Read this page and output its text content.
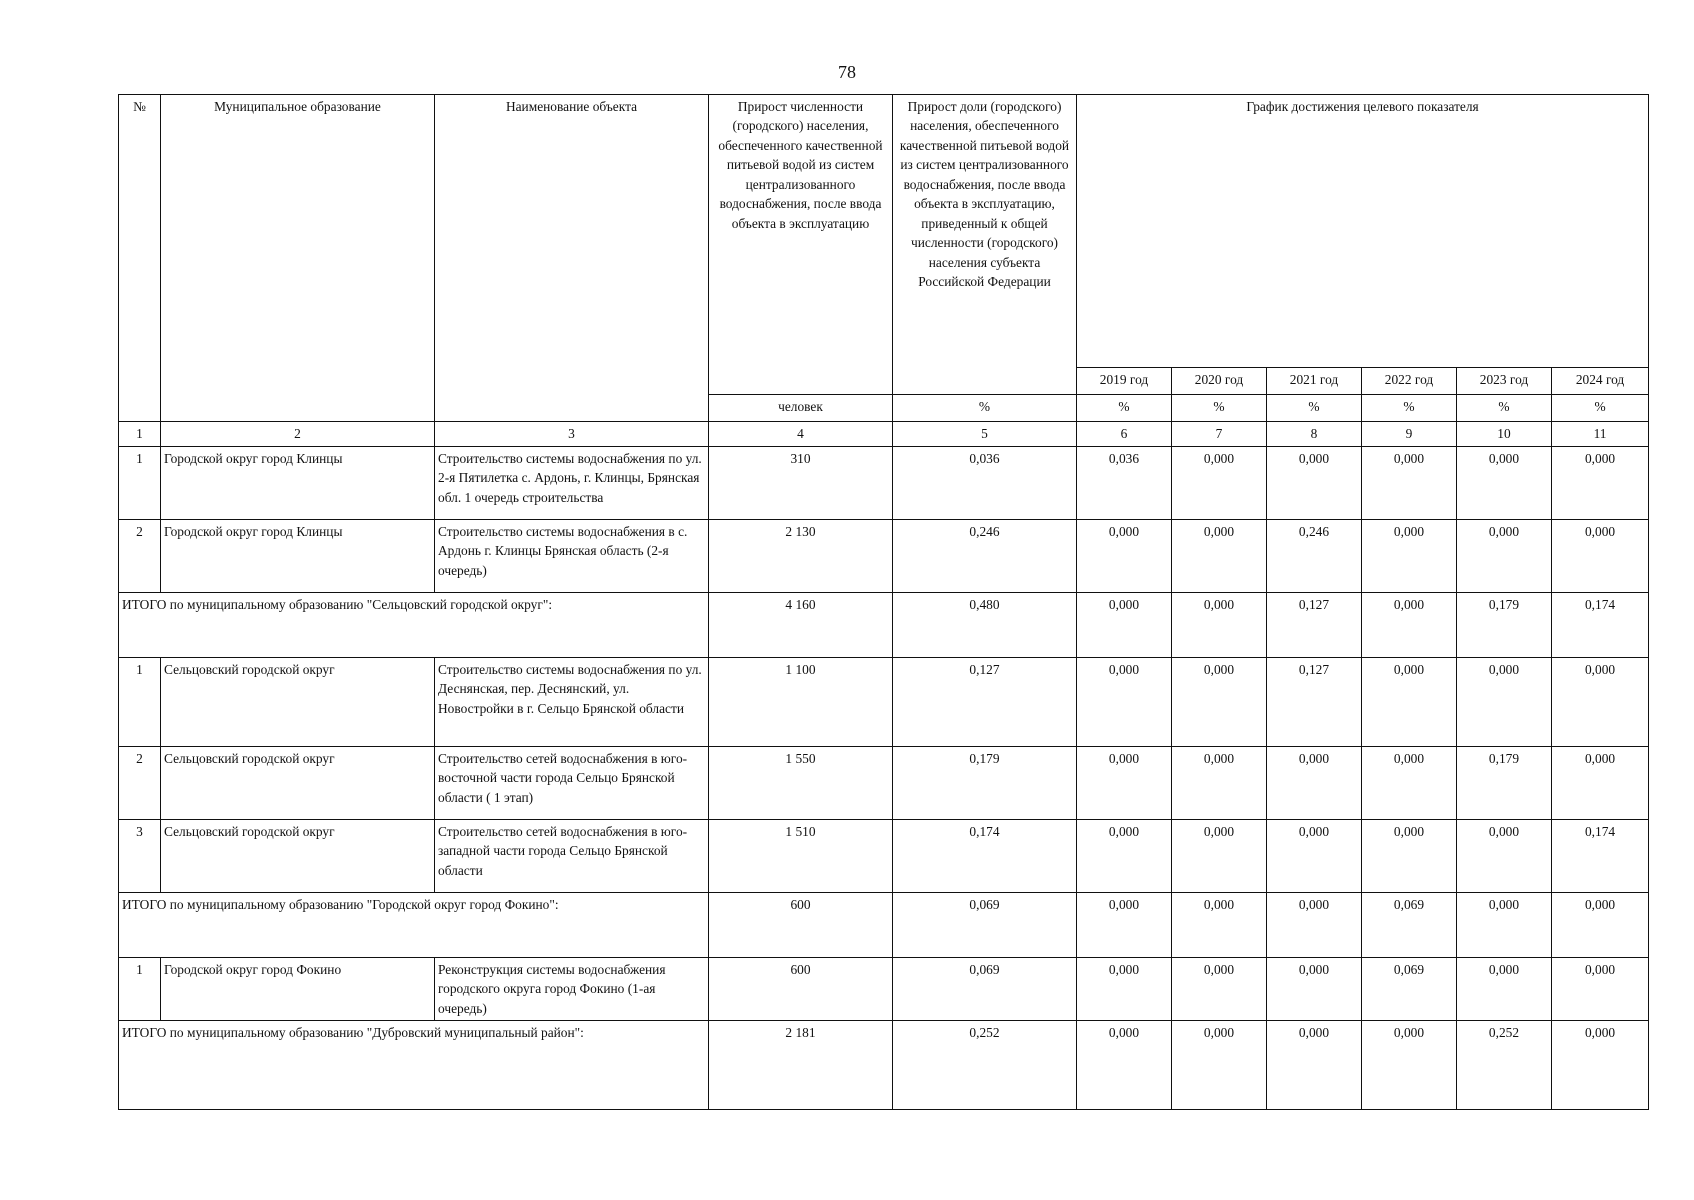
78
№	Муниципальное образование	Наименование объекта	Прирост численности (городского) населения, обеспеченного качественной питьевой водой из систем централизованного водоснабжения, после ввода объекта в эксплуатацию	Прирост доли (городского) населения, обеспеченного качественной питьевой водой из систем централизованного водоснабжения, после ввода объекта в эксплуатацию, приведенный к общей численности (городского) населения субъекта Российской Федерации	График достижения целевого показателя					
					2019 год	2020 год	2021 год	2022 год	2023 год	2024 год
			человек	%	%	%	%	%	%	%
1	2	3	4	5	6	7	8	9	10	11
1	Городской округ город Клинцы	Строительство системы водоснабжения по ул. 2-я Пятилетка с. Ардонь, г. Клинцы, Брянская обл. 1 очередь строительства	310	0,036	0,036	0,000	0,000	0,000	0,000	0,000
2	Городской округ город Клинцы	Строительство системы водоснабжения в с. Ардонь г. Клинцы Брянская область (2-я очередь)	2 130	0,246	0,000	0,000	0,246	0,000	0,000	0,000
ИТОГО по муниципальному образованию "Сельцовский городской округ":			4 160	0,480	0,000	0,000	0,127	0,000	0,179	0,174
1	Сельцовский городской округ	Строительство системы водоснабжения по ул. Деснянская, пер. Деснянский, ул. Новостройки в г. Сельцо Брянской области	1 100	0,127	0,000	0,000	0,127	0,000	0,000	0,000
2	Сельцовский городской округ	Строительство сетей водоснабжения в юго-восточной части города Сельцо Брянской области ( 1 этап)	1 550	0,179	0,000	0,000	0,000	0,000	0,179	0,000
3	Сельцовский городской округ	Строительство сетей водоснабжения в юго-западной части города Сельцо Брянской области	1 510	0,174	0,000	0,000	0,000	0,000	0,000	0,174
ИТОГО по муниципальному образованию "Городской округ город Фокино":			600	0,069	0,000	0,000	0,000	0,069	0,000	0,000
1	Городской округ город Фокино	Реконструкция системы водоснабжения городского округа город Фокино (1-ая очередь)	600	0,069	0,000	0,000	0,000	0,069	0,000	0,000
ИТОГО по муниципальному образованию "Дубровский муниципальный район":			2 181	0,252	0,000	0,000	0,000	0,000	0,252	0,000
